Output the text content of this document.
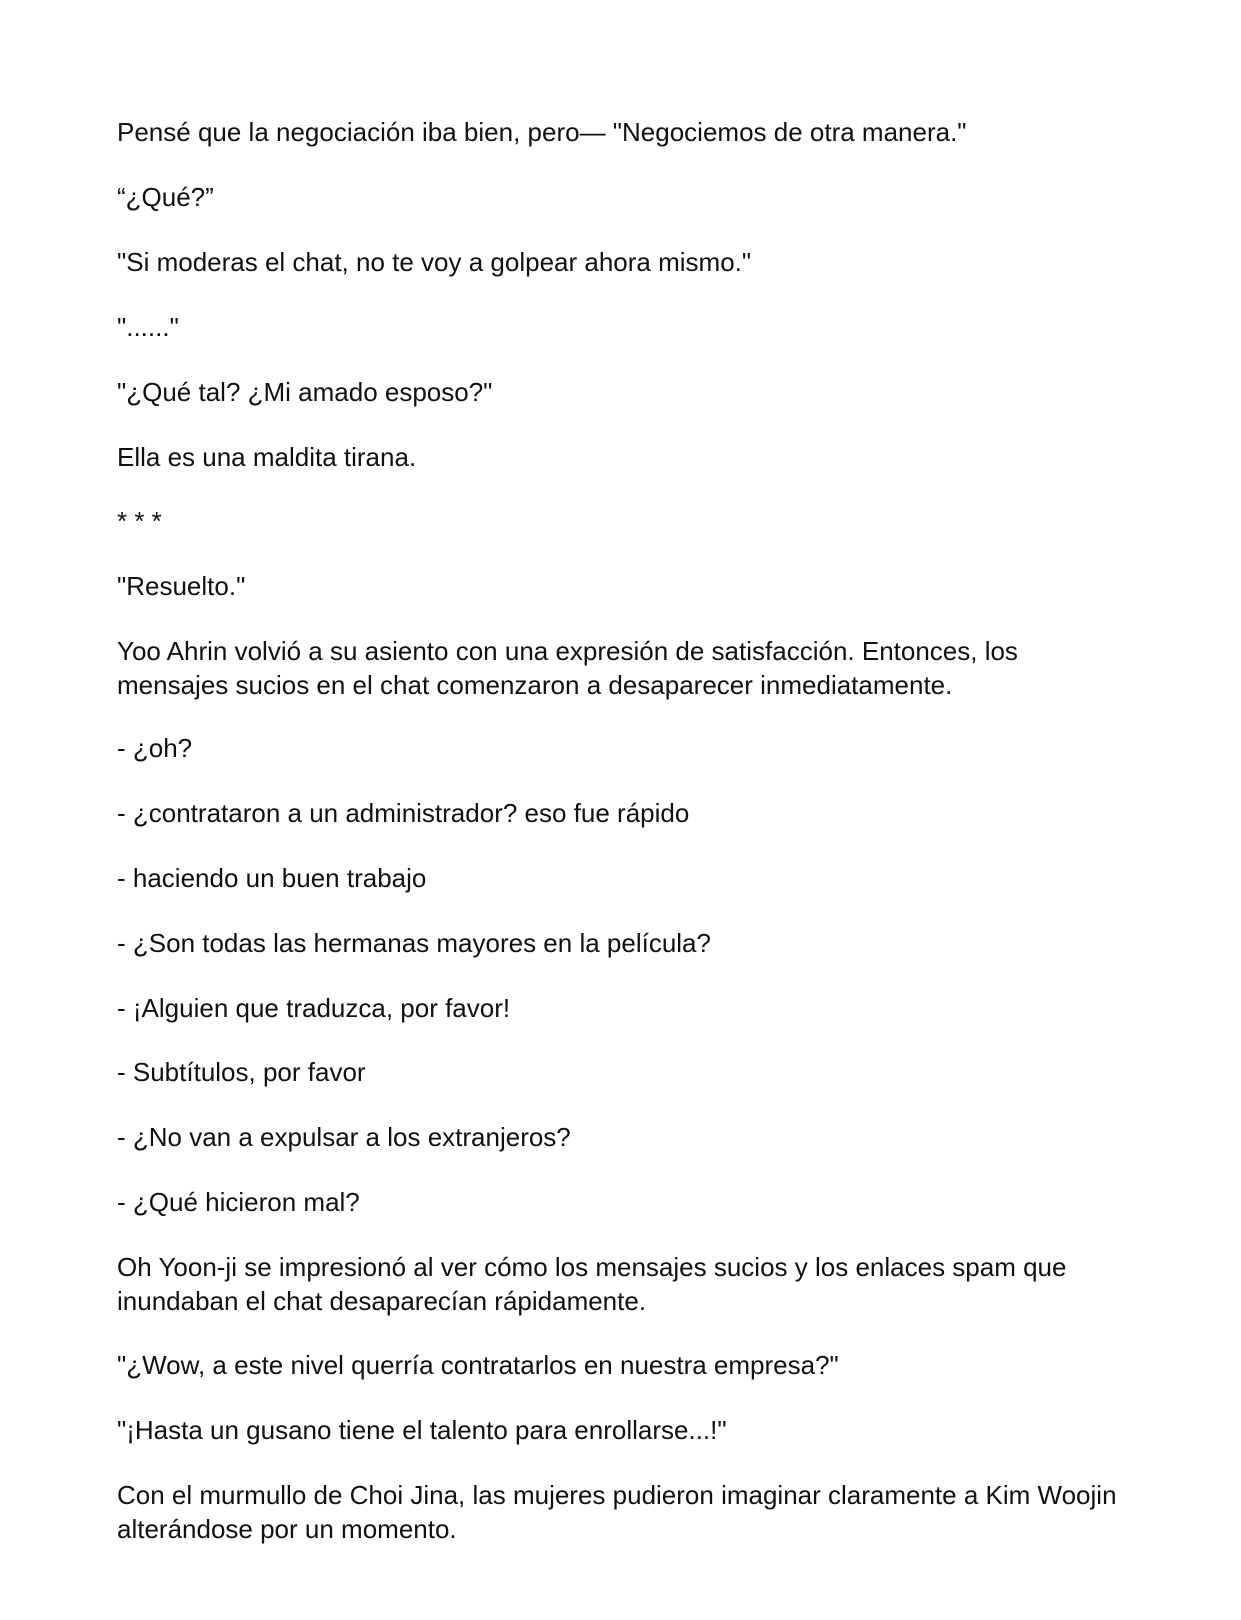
Pensé que la negociación iba bien, pero— "Negociemos de otra manera."

“¿Qué?”

"Si moderas el chat, no te voy a golpear ahora mismo."

"......"

"¿Qué tal? ¿Mi amado esposo?"

Ella es una maldita tirana.

* * *

"Resuelto."

Yoo Ahrin volvió a su asiento con una expresión de satisfacción. Entonces, los mensajes sucios en el chat comenzaron a desaparecer inmediatamente.

- ¿oh?

- ¿contrataron a un administrador? eso fue rápido

- haciendo un buen trabajo

- ¿Son todas las hermanas mayores en la película?

- ¡Alguien que traduzca, por favor!

- Subtítulos, por favor

- ¿No van a expulsar a los extranjeros?

- ¿Qué hicieron mal?

Oh Yoon-ji se impresionó al ver cómo los mensajes sucios y los enlaces spam que inundaban el chat desaparecían rápidamente.

"¿Wow, a este nivel querría contratarlos en nuestra empresa?"

"¡Hasta un gusano tiene el talento para enrollarse...!"

Con el murmullo de Choi Jina, las mujeres pudieron imaginar claramente a Kim Woojin alterándose por un momento.
